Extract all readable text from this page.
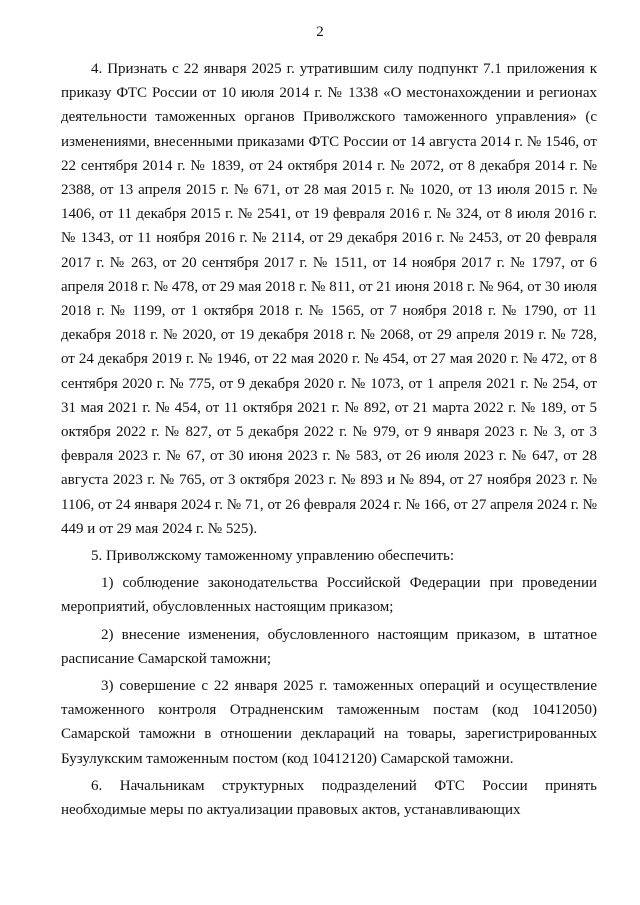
2

4. Признать с 22 января 2025 г. утратившим силу подпункт 7.1 приложения к приказу ФТС России от 10 июля 2014 г. № 1338 «О местонахождении и регионах деятельности таможенных органов Приволжского таможенного управления» (с изменениями, внесенными приказами ФТС России от 14 августа 2014 г. № 1546, от 22 сентября 2014 г. № 1839, от 24 октября 2014 г. № 2072, от 8 декабря 2014 г. № 2388, от 13 апреля 2015 г. № 671, от 28 мая 2015 г. № 1020, от 13 июля 2015 г. № 1406, от 11 декабря 2015 г. № 2541, от 19 февраля 2016 г. № 324, от 8 июля 2016 г. № 1343, от 11 ноября 2016 г. № 2114, от 29 декабря 2016 г. № 2453, от 20 февраля 2017 г. № 263, от 20 сентября 2017 г. № 1511, от 14 ноября 2017 г. № 1797, от 6 апреля 2018 г. № 478, от 29 мая 2018 г. № 811, от 21 июня 2018 г. № 964, от 30 июля 2018 г. № 1199, от 1 октября 2018 г. № 1565, от 7 ноября 2018 г. № 1790, от 11 декабря 2018 г. № 2020, от 19 декабря 2018 г. № 2068, от 29 апреля 2019 г. № 728, от 24 декабря 2019 г. № 1946, от 22 мая 2020 г. № 454, от 27 мая 2020 г. № 472, от 8 сентября 2020 г. № 775, от 9 декабря 2020 г. № 1073, от 1 апреля 2021 г. № 254, от 31 мая 2021 г. № 454, от 11 октября 2021 г. № 892, от 21 марта 2022 г. № 189, от 5 октября 2022 г. № 827, от 5 декабря 2022 г. № 979, от 9 января 2023 г. № 3, от 3 февраля 2023 г. № 67, от 30 июня 2023 г. № 583, от 26 июля 2023 г. № 647, от 28 августа 2023 г. № 765, от 3 октября 2023 г. № 893 и № 894, от 27 ноября 2023 г. № 1106, от 24 января 2024 г. № 71, от 26 февраля 2024 г. № 166, от 27 апреля 2024 г. № 449 и от 29 мая 2024 г. № 525).

5. Приволжскому таможенному управлению обеспечить:

1) соблюдение законодательства Российской Федерации при проведении мероприятий, обусловленных настоящим приказом;

2) внесение изменения, обусловленного настоящим приказом, в штатное расписание Самарской таможни;

3) совершение с 22 января 2025 г. таможенных операций и осуществление таможенного контроля Отрадненским таможенным постам (код 10412050) Самарской таможни в отношении деклараций на товары, зарегистрированных Бузулукским таможенным постом (код 10412120) Самарской таможни.

6. Начальникам структурных подразделений ФТС России принять необходимые меры по актуализации правовых актов, устанавливающих
